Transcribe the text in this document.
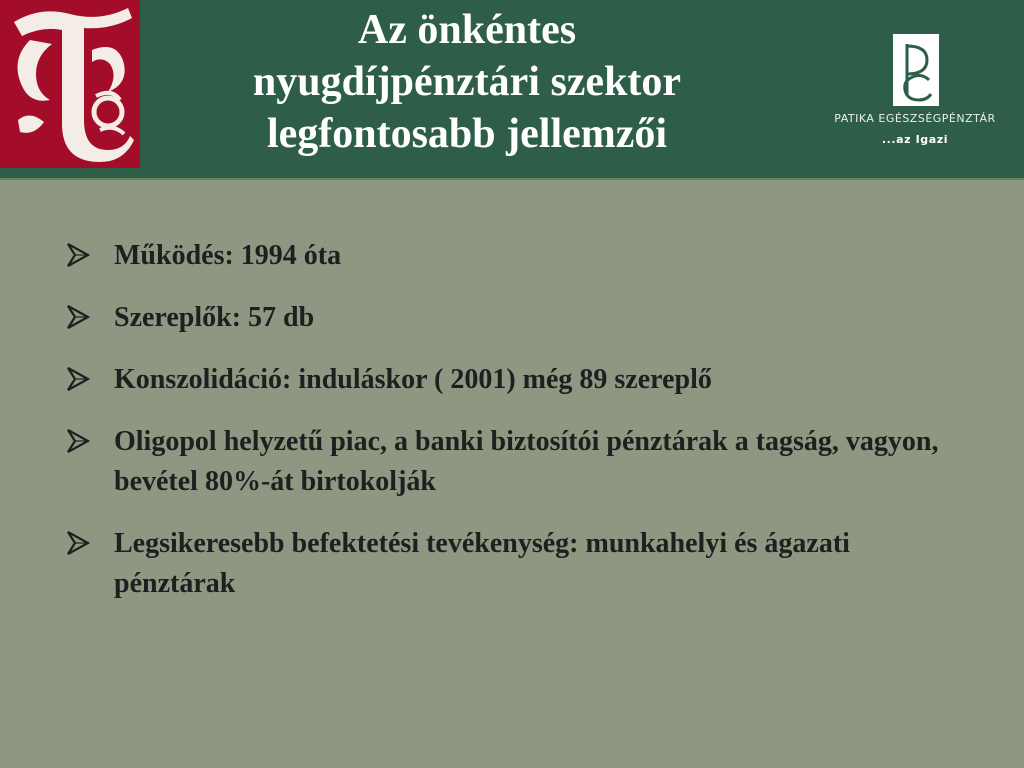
Az önkéntes
nyugdíjpénztári szektor
legfontosabb jellemzői	PATIKA EGÉSZSÉGPÉNZTÁR
...az Igazi
Működés: 1994 óta
Szereplők: 57 db
Konszolidáció: induláskor ( 2001) még 89 szereplő
Oligopol helyzetű piac, a banki biztosítói pénztárak a tagság, vagyon, bevétel 80%-át birtokolják
Legsikeresebb befektetési tevékenység: munkahelyi és ágazati pénztárak
